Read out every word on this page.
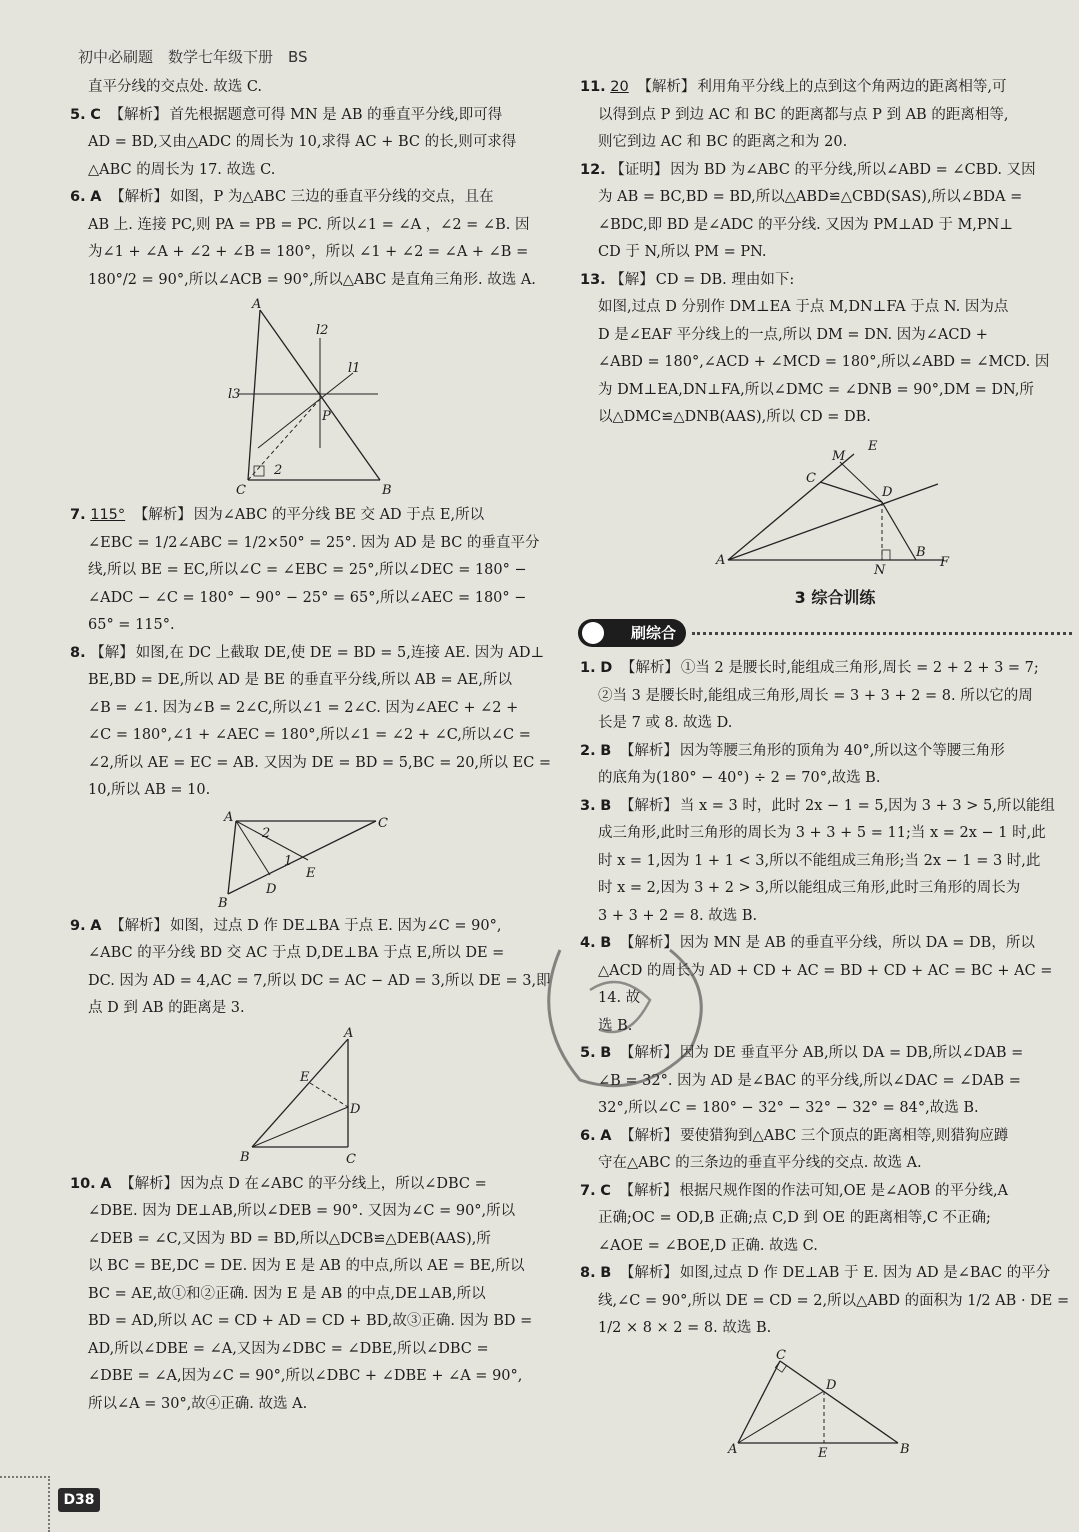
初中必刷题　数学七年级下册　BS

直平分线的交点处. 故选 C.

5. C 【解析】 首先根据题意可得 MN 是 AB 的垂直平分线,即可得
AD = BD,又由△ADC 的周长为 10,求得 AC + BC 的长,则可求得
△ABC 的周长为 17. 故选 C.
6. A 【解析】 如图，P 为△ABC 三边的垂直平分线的交点，且在
AB 上. 连接 PC,则 PA = PB = PC. 所以∠1 = ∠A ，∠2 = ∠B. 因
为∠1 + ∠A + ∠2 + ∠B = 180°，所以 ∠1 + ∠2 = ∠A + ∠B =
180°/2 = 90°,所以∠ACB = 90°,所以△ABC 是直角三角形. 故选 A.
A
B
C
P
l1
l2
l3
2
7. 115° 【解析】 因为∠ABC 的平分线 BE 交 AD 于点 E,所以
∠EBC = 1/2∠ABC = 1/2×50° = 25°. 因为 AD 是 BC 的垂直平分
线,所以 BE = EC,所以∠C = ∠EBC = 25°,所以∠DEC = 180° −
∠ADC − ∠C = 180° − 90° − 25° = 65°,所以∠AEC = 180° −
65° = 115°.
8. 【解】 如图,在 DC 上截取 DE,使 DE = BD = 5,连接 AE. 因为 AD⊥
BE,BD = DE,所以 AD 是 BE 的垂直平分线,所以 AB = AE,所以
∠B = ∠1. 因为∠B = 2∠C,所以∠1 = 2∠C. 因为∠AEC + ∠2 +
∠C = 180°,∠1 + ∠AEC = 180°,所以∠1 = ∠2 + ∠C,所以∠C =
∠2,所以 AE = EC = AB. 又因为 DE = BD = 5,BC = 20,所以 EC =
10,所以 AB = 10.
A
B
C
D
E
1
2
9. A 【解析】 如图，过点 D 作 DE⊥BA 于点 E. 因为∠C = 90°,
∠ABC 的平分线 BD 交 AC 于点 D,DE⊥BA 于点 E,所以 DE =
DC. 因为 AD = 4,AC = 7,所以 DC = AC − AD = 3,所以 DE = 3,即
点 D 到 AB 的距离是 3.
A
B	C
D
E
10. A 【解析】 因为点 D 在∠ABC 的平分线上，所以∠DBC =
∠DBE. 因为 DE⊥AB,所以∠DEB = 90°. 又因为∠C = 90°,所以
∠DEB = ∠C,又因为 BD = BD,所以△DCB≌△DEB(AAS),所
以 BC = BE,DC = DE. 因为 E 是 AB 的中点,所以 AE = BE,所以
BC = AE,故①和②正确. 因为 E 是 AB 的中点,DE⊥AB,所以
BD = AD,所以 AC = CD + AD = CD + BD,故③正确. 因为 BD =
AD,所以∠DBE = ∠A,又因为∠DBC = ∠DBE,所以∠DBC =
∠DBE = ∠A,因为∠C = 90°,所以∠DBC + ∠DBE + ∠A = 90°,
所以∠A = 30°,故④正确. 故选 A.
11. 20 【解析】 利用角平分线上的点到这个角两边的距离相等,可
以得到点 P 到边 AC 和 BC 的距离都与点 P 到 AB 的距离相等,
则它到边 AC 和 BC 的距离之和为 20.
12. 【证明】 因为 BD 为∠ABC 的平分线,所以∠ABD = ∠CBD. 又因
为 AB = BC,BD = BD,所以△ABD≌△CBD(SAS),所以∠BDA =
∠BDC,即 BD 是∠ADC 的平分线. 又因为 PM⊥AD 于 M,PN⊥
CD 于 N,所以 PM = PN.
13. 【解】 CD = DB. 理由如下:
如图,过点 D 分别作 DM⊥EA 于点 M,DN⊥FA 于点 N. 因为点
D 是∠EAF 平分线上的一点,所以 DM = DN. 因为∠ACD +
∠ABD = 180°,∠ACD + ∠MCD = 180°,所以∠ABD = ∠MCD. 因
为 DM⊥EA,DN⊥FA,所以∠DMC = ∠DNB = 90°,DM = DN,所
以△DMC≌△DNB(AAS),所以 CD = DB.
A
B
C
D
E
F
M
N
3 综合训练
刷综合
1. D 【解析】 ①当 2 是腰长时,能组成三角形,周长 = 2 + 2 + 3 = 7;
②当 3 是腰长时,能组成三角形,周长 = 3 + 3 + 2 = 8. 所以它的周
长是 7 或 8. 故选 D.
2. B 【解析】 因为等腰三角形的顶角为 40°,所以这个等腰三角形
的底角为(180° − 40°) ÷ 2 = 70°,故选 B.
3. B 【解析】 当 x = 3 时，此时 2x − 1 = 5,因为 3 + 3 > 5,所以能组
成三角形,此时三角形的周长为 3 + 3 + 5 = 11;当 x = 2x − 1 时,此
时 x = 1,因为 1 + 1 < 3,所以不能组成三角形;当 2x − 1 = 3 时,此
时 x = 2,因为 3 + 2 > 3,所以能组成三角形,此时三角形的周长为
3 + 3 + 2 = 8. 故选 B.
4. B 【解析】 因为 MN 是 AB 的垂直平分线，所以 DA = DB，所以
△ACD 的周长为 AD + CD + AC = BD + CD + AC = BC + AC = 14. 故
选 B.
5. B 【解析】 因为 DE 垂直平分 AB,所以 DA = DB,所以∠DAB =
∠B = 32°. 因为 AD 是∠BAC 的平分线,所以∠DAC = ∠DAB =
32°,所以∠C = 180° − 32° − 32° − 32° = 84°,故选 B.
6. A 【解析】 要使猎狗到△ABC 三个顶点的距离相等,则猎狗应蹲
守在△ABC 的三条边的垂直平分线的交点. 故选 A.
7. C 【解析】 根据尺规作图的作法可知,OE 是∠AOB 的平分线,A
正确;OC = OD,B 正确;点 C,D 到 OE 的距离相等,C 不正确;
∠AOE = ∠BOE,D 正确. 故选 C.
8. B 【解析】 如图,过点 D 作 DE⊥AB 于 E. 因为 AD 是∠BAC 的平分
线,∠C = 90°,所以 DE = CD = 2,所以△ABD 的面积为 1/2 AB · DE =
1/2 × 8 × 2 = 8. 故选 B.
A	B
C
D
E
D38
